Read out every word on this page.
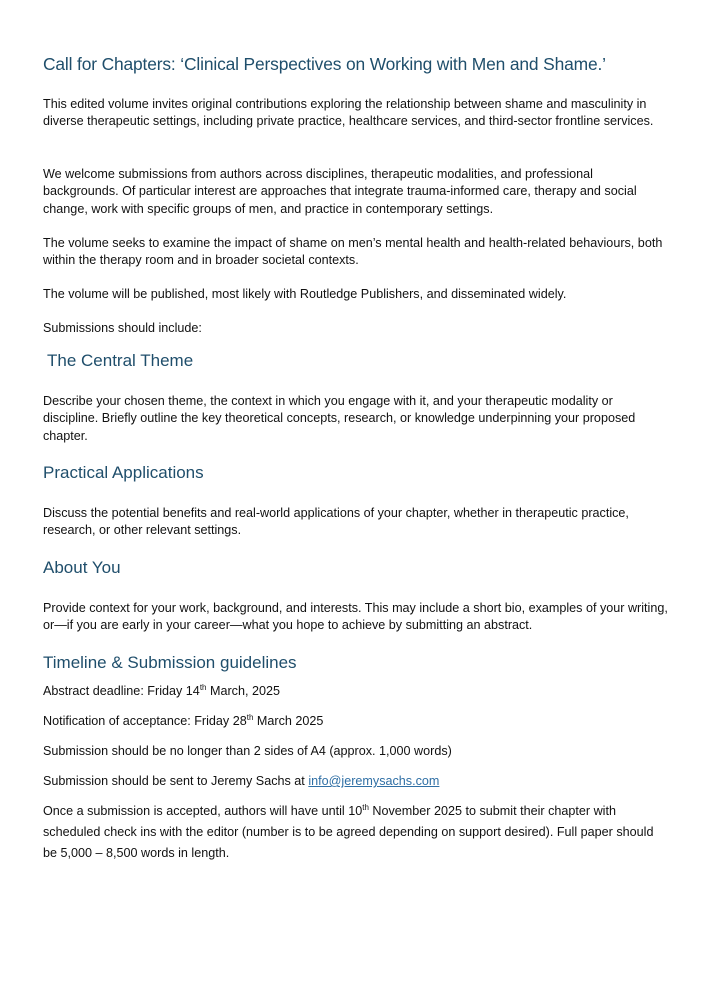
Call for Chapters: ‘Clinical Perspectives on Working with Men and Shame.’

This edited volume invites original contributions exploring the relationship between shame and masculinity in diverse therapeutic settings, including private practice, healthcare services, and third-sector frontline services.

We welcome submissions from authors across disciplines, therapeutic modalities, and professional backgrounds. Of particular interest are approaches that integrate trauma-informed care, therapy and social change, work with specific groups of men, and practice in contemporary settings.

The volume seeks to examine the impact of shame on men’s mental health and health-related behaviours, both within the therapy room and in broader societal contexts.

The volume will be published, most likely with Routledge Publishers, and disseminated widely.

Submissions should include:

The Central Theme

Describe your chosen theme, the context in which you engage with it, and your therapeutic modality or discipline. Briefly outline the key theoretical concepts, research, or knowledge underpinning your proposed chapter.

Practical Applications

Discuss the potential benefits and real-world applications of your chapter, whether in therapeutic practice, research, or other relevant settings.

About You

Provide context for your work, background, and interests. This may include a short bio, examples of your writing, or—if you are early in your career—what you hope to achieve by submitting an abstract.

Timeline & Submission guidelines

Abstract deadline: Friday 14th March, 2025

Notification of acceptance: Friday 28th March 2025

Submission should be no longer than 2 sides of A4 (approx. 1,000 words)

Submission should be sent to Jeremy Sachs at info@jeremysachs.com

Once a submission is accepted, authors will have until 10th November 2025 to submit their chapter with scheduled check ins with the editor (number is to be agreed depending on support desired). Full paper should be 5,000 – 8,500 words in length.
